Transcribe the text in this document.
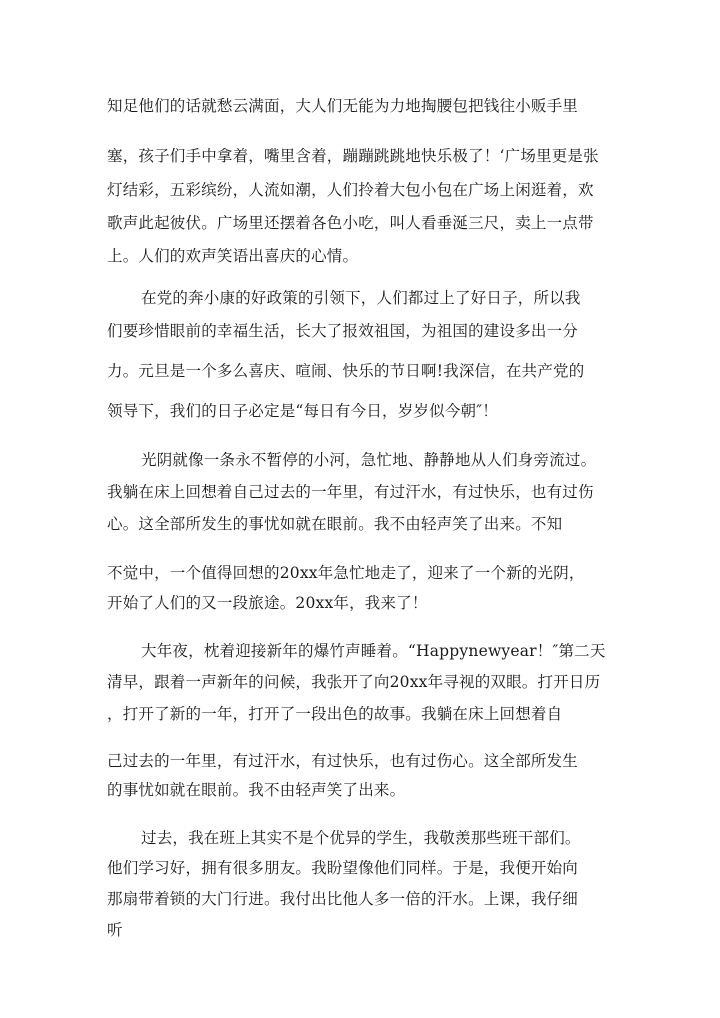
知足他们的话就愁云满面，大人们无能为力地掏腰包把钱往小贩手里
塞，孩子们手中拿着，嘴里含着，蹦蹦跳跳地快乐极了！‘广场里更是张
灯结彩，五彩缤纷，人流如潮，人们拎着大包小包在广场上闲逛着，欢
歌声此起彼伏。广场里还摆着各色小吃，叫人看垂涎三尺，卖上一点带
上。人们的欢声笑语出喜庆的心情。
在党的奔小康的好政策的引领下，人们都过上了好日子，所以我
们要珍惜眼前的幸福生活，长大了报效祖国，为祖国的建设多出一分
力。元旦是一个多么喜庆、喧闹、快乐的节日啊!我深信，在共产党的
领导下，我们的日子必定是“每日有今日，岁岁似今朝″！
光阴就像一条永不暂停的小河，急忙地、静静地从人们身旁流过。
我躺在床上回想着自己过去的一年里，有过汗水，有过快乐，也有过伤
心。这全部所发生的事忧如就在眼前。我不由轻声笑了出来。不知
不觉中，一个值得回想的20xx年急忙地走了，迎来了一个新的光阴，
开始了人们的又一段旅途。20xx年，我来了！
大年夜，枕着迎接新年的爆竹声睡着。“Happynewyear！″第二天
清早，跟着一声新年的问候，我张开了向20xx年寻视的双眼。打开日历
，打开了新的一年，打开了一段出色的故事。我躺在床上回想着自
己过去的一年里，有过汗水，有过快乐，也有过伤心。这全部所发生
的事忧如就在眼前。我不由轻声笑了出来。
过去，我在班上其实不是个优异的学生，我敬羡那些班干部们。
他们学习好，拥有很多朋友。我盼望像他们同样。于是，我便开始向
那扇带着锁的大门行进。我付出比他人多一倍的汗水。上课，我仔细
听
